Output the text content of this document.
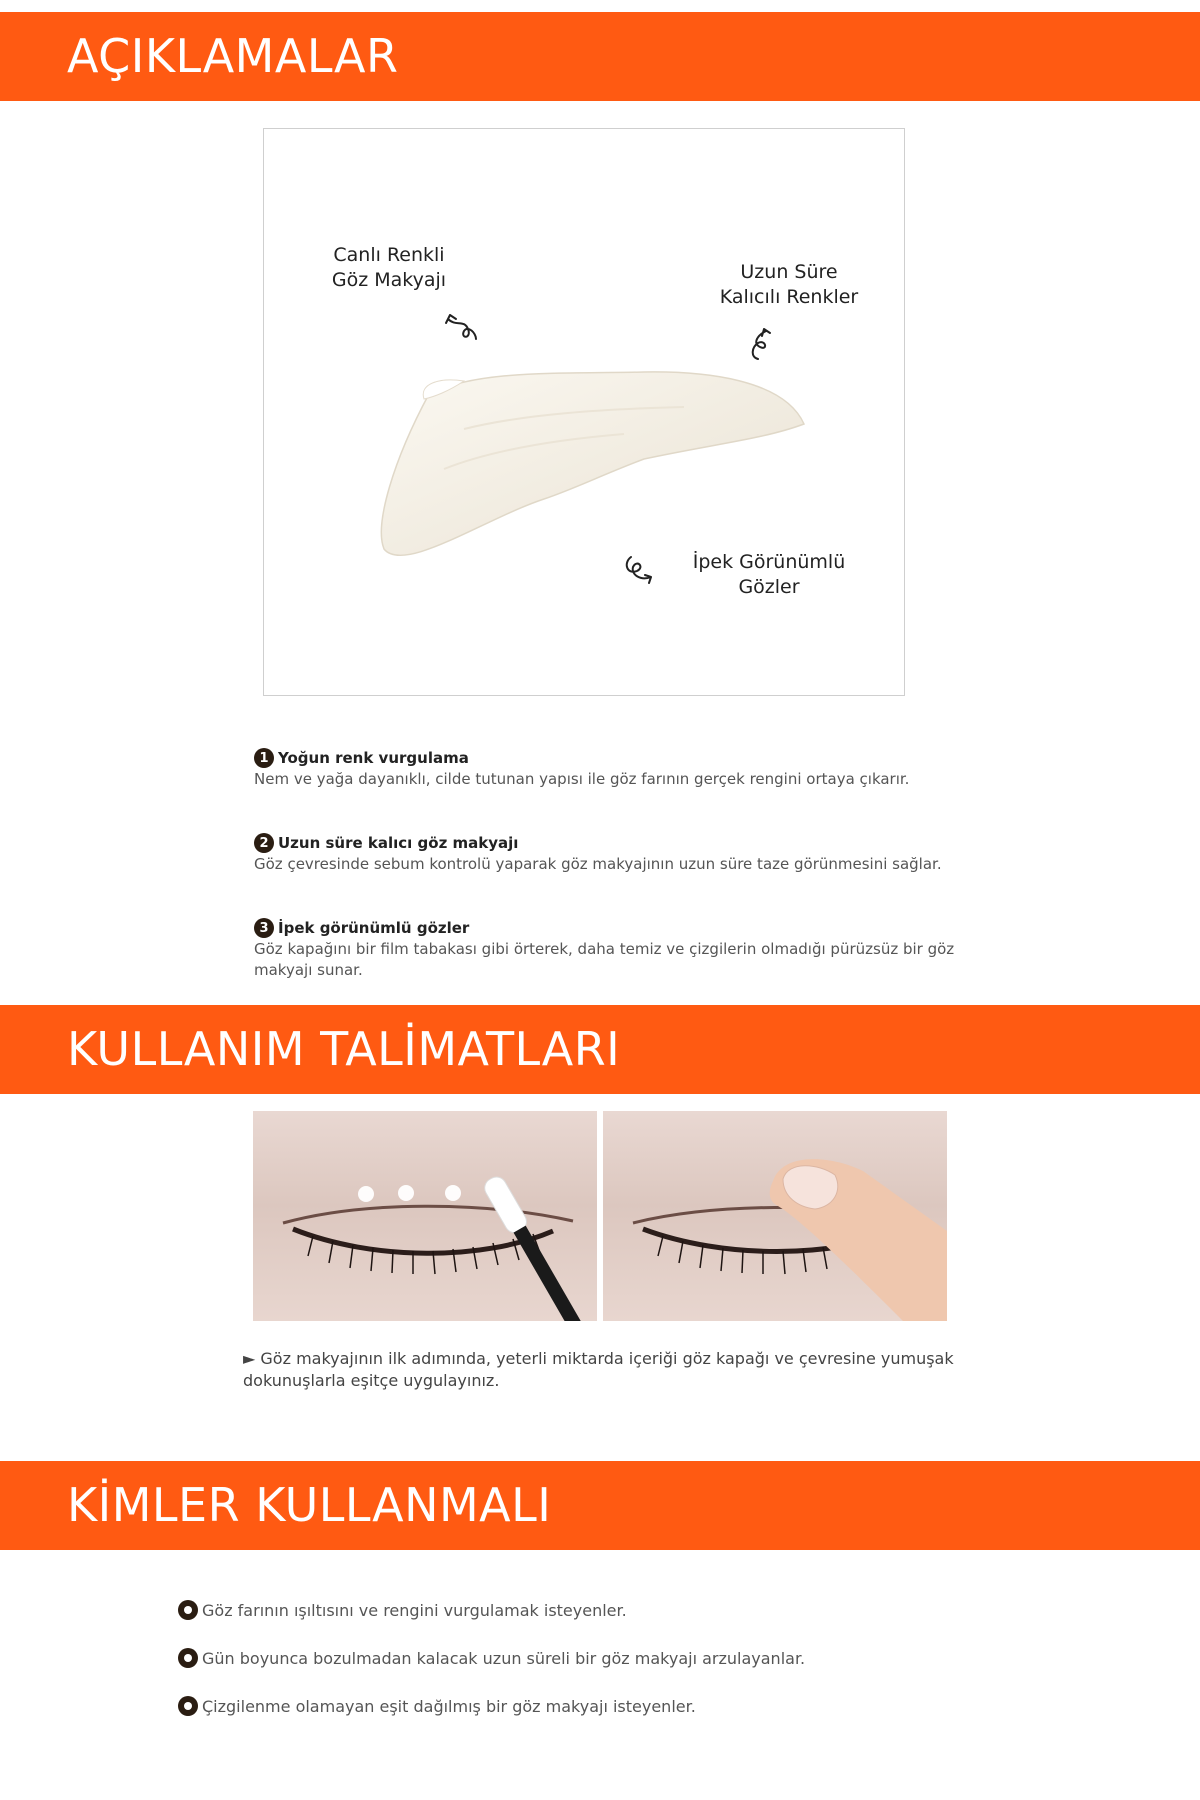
AÇIKLAMALAR
Canlı Renkli
Göz Makyajı	Uzun Süre
Kalıcılı Renkler
İpek Görünümlü
Gözler
1 Yoğun renk vurgulama
Nem ve yağa dayanıklı, cilde tutunan yapısı ile göz farının gerçek rengini ortaya çıkarır.
2 Uzun süre kalıcı göz makyajı
Göz çevresinde sebum kontrolü yaparak göz makyajının uzun süre taze görünmesini sağlar.
3 İpek görünümlü gözler
Göz kapağını bir film tabakası gibi örterek, daha temiz ve çizgilerin olmadığı pürüzsüz bir göz makyajı sunar.
KULLANIM TALİMATLARI
► Göz makyajının ilk adımında, yeterli miktarda içeriği göz kapağı ve çevresine yumuşak dokunuşlarla eşitçe uygulayınız.
KİMLER KULLANMALI
Göz farının ışıltısını ve rengini vurgulamak isteyenler.
Gün boyunca bozulmadan kalacak uzun süreli bir göz makyajı arzulayanlar.
Çizgilenme olamayan eşit dağılmış bir göz makyajı isteyenler.
